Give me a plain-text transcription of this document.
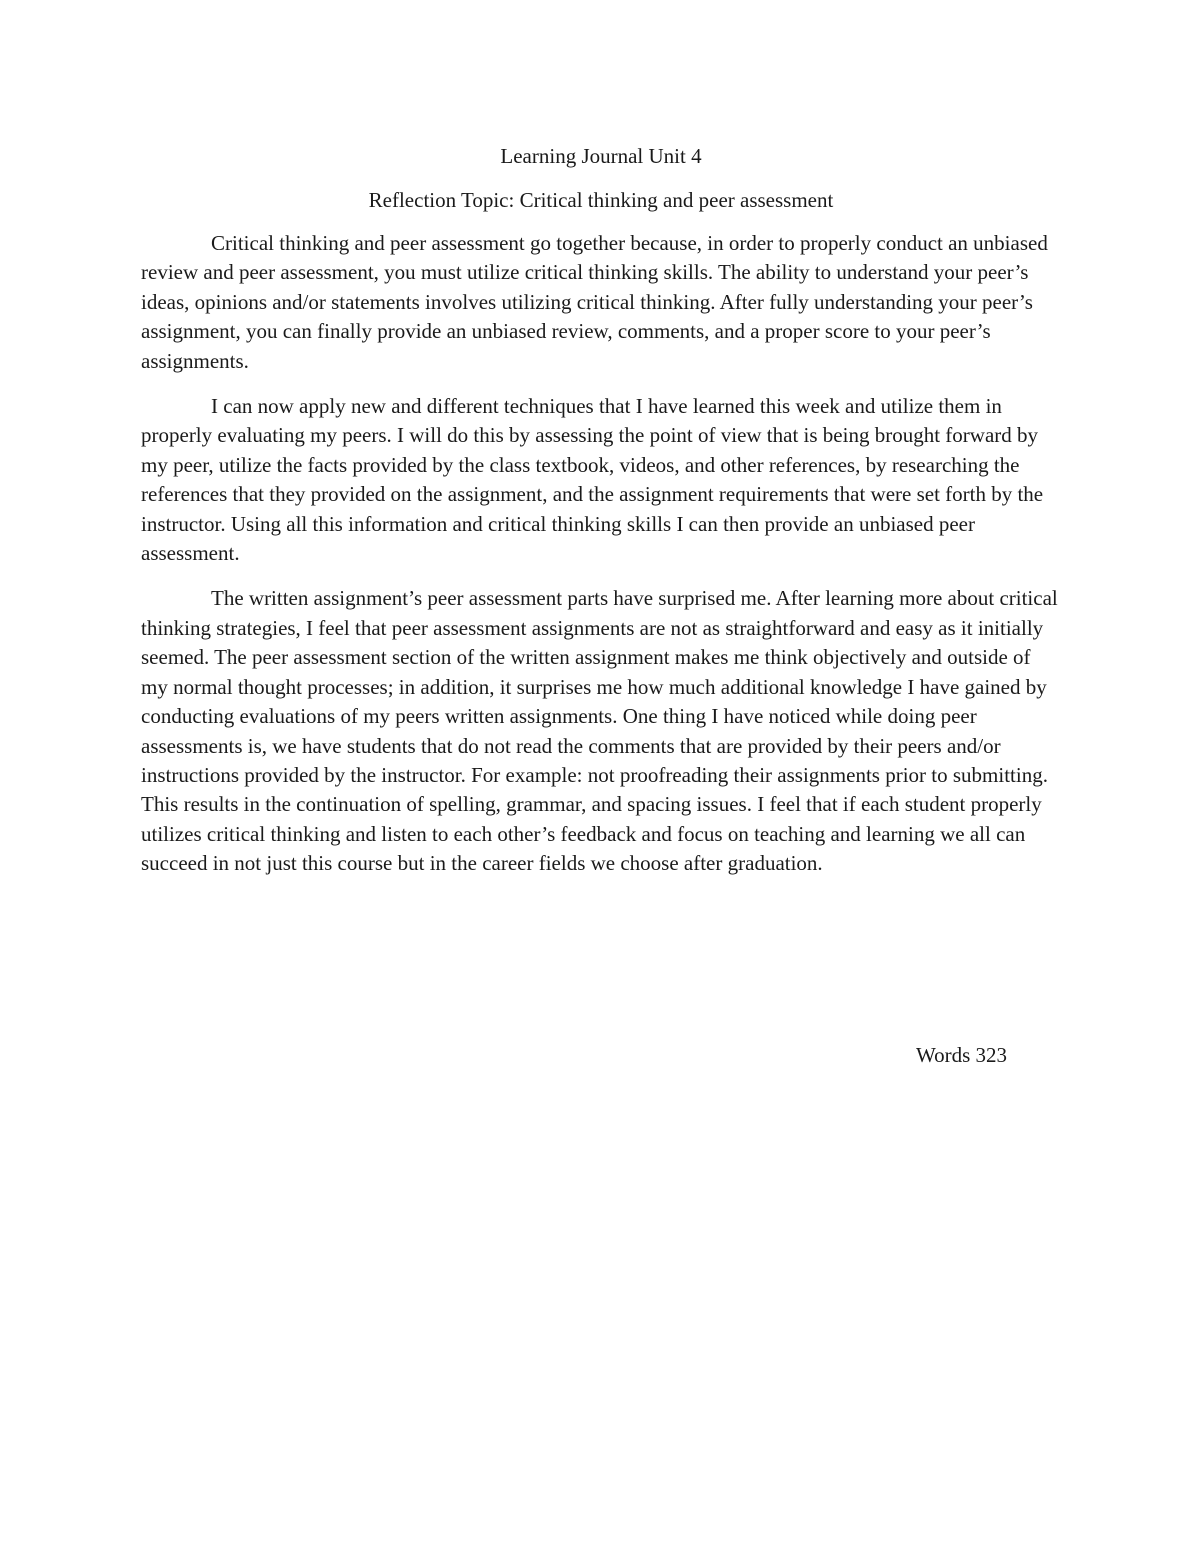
Learning Journal Unit 4

Reflection Topic: Critical thinking and peer assessment

Critical thinking and peer assessment go together because, in order to properly conduct an unbiased review and peer assessment, you must utilize critical thinking skills. The ability to understand your peer’s ideas, opinions and/or statements involves utilizing critical thinking. After fully understanding your peer’s assignment, you can finally provide an unbiased review, comments, and a proper score to your peer’s assignments.

I can now apply new and different techniques that I have learned this week and utilize them in properly evaluating my peers. I will do this by assessing the point of view that is being brought forward by my peer, utilize the facts provided by the class textbook, videos, and other references, by researching the references that they provided on the assignment, and the assignment requirements that were set forth by the instructor. Using all this information and critical thinking skills I can then provide an unbiased peer assessment.

The written assignment’s peer assessment parts have surprised me. After learning more about critical thinking strategies, I feel that peer assessment assignments are not as straightforward and easy as it initially seemed. The peer assessment section of the written assignment makes me think objectively and outside of my normal thought processes; in addition, it surprises me how much additional knowledge I have gained by conducting evaluations of my peers written assignments. One thing I have noticed while doing peer assessments is, we have students that do not read the comments that are provided by their peers and/or instructions provided by the instructor. For example: not proofreading their assignments prior to submitting. This results in the continuation of spelling, grammar, and spacing issues. I feel that if each student properly utilizes critical thinking and listen to each other’s feedback and focus on teaching and learning we all can succeed in not just this course but in the career fields we choose after graduation.

Words 323
